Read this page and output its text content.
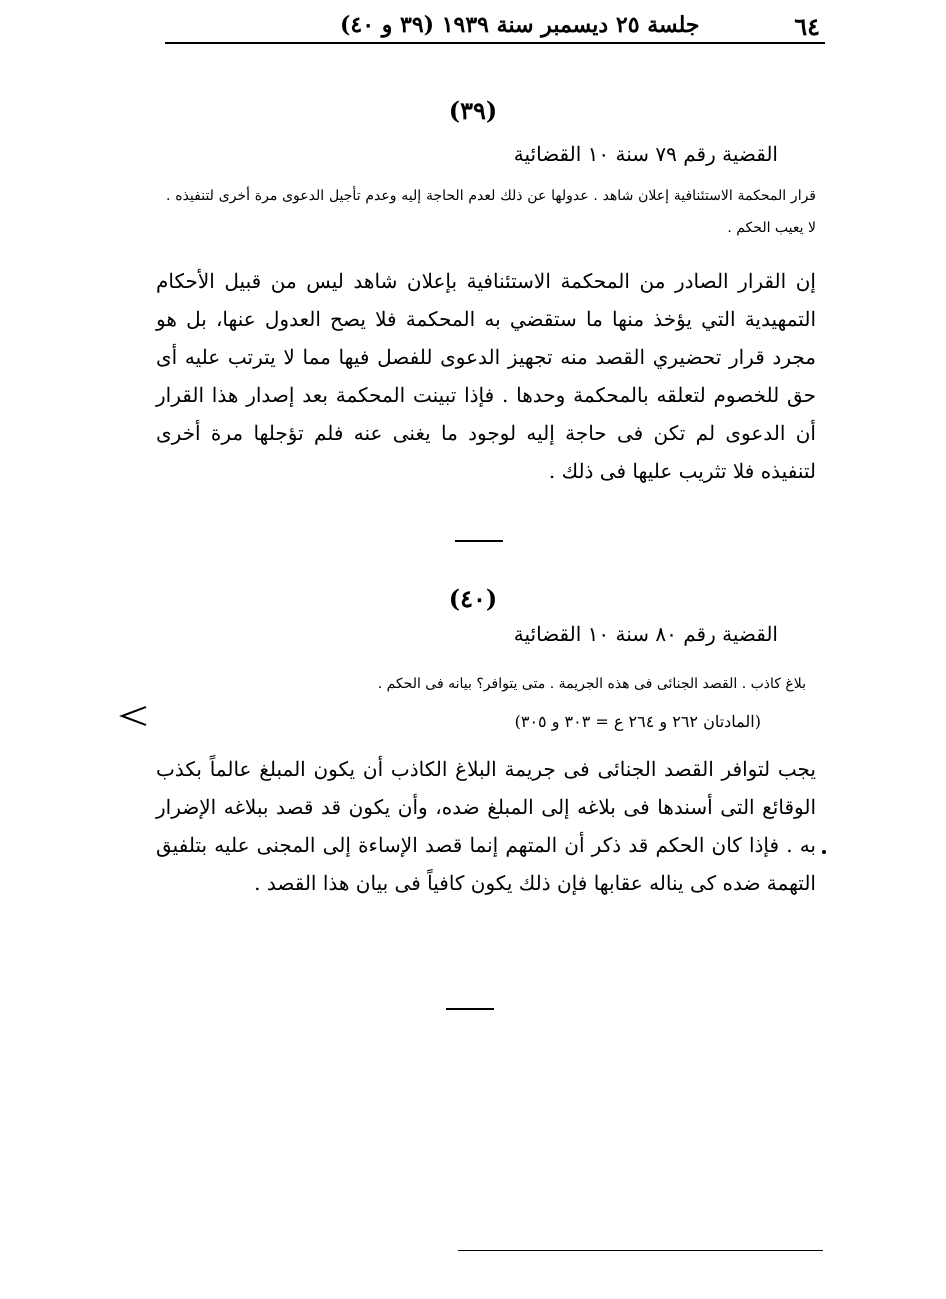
٦٤
جلسة ٢٥ ديسمبر سنة ١٩٣٩ (٣٩ و ٤٠)
(٣٩)
القضية رقم ٧٩ سنة ١٠ القضائية
قرار المحكمة الاستئنافية إعلان شاهد . عدولها عن ذلك لعدم الحاجة إليه وعدم تأجيل الدعوى مرة أخرى لتنفيذه . لا يعيب الحكم .
إن القرار الصادر من المحكمة الاستئنافية بإعلان شاهد ليس من قبيل الأحكام التمهيدية التي يؤخذ منها ما ستقضي به المحكمة فلا يصح العدول عنها، بل هو مجرد قرار تحضيري القصد منه تجهيز الدعوى للفصل فيها مما لا يترتب عليه أى حق للخصوم لتعلقه بالمحكمة وحدها . فإذا تبينت المحكمة بعد إصدار هذا القرار أن الدعوى لم تكن فى حاجة إليه لوجود ما يغنى عنه فلم تؤجلها مرة أخرى لتنفيذه فلا تثريب عليها فى ذلك .
(٤٠)
القضية رقم ٨٠ سنة ١٠ القضائية
بلاغ كاذب . القصد الجنائى فى هذه الجريمة . متى يتوافر؟ بيانه فى الحكم .
(المادتان ٢٦٢ و ٢٦٤ ع = ٣٠٣ و ٣٠٥)
يجب لتوافر القصد الجنائى فى جريمة البلاغ الكاذب أن يكون المبلغ عالماً بكذب الوقائع التى أسندها فى بلاغه إلى المبلغ ضده، وأن يكون قد قصد ببلاغه الإضرار به . فإذا كان الحكم قد ذكر أن المتهم إنما قصد الإساءة إلى المجنى عليه بتلفيق التهمة ضده كى يناله عقابها فإن ذلك يكون كافياً فى بيان هذا القصد .
